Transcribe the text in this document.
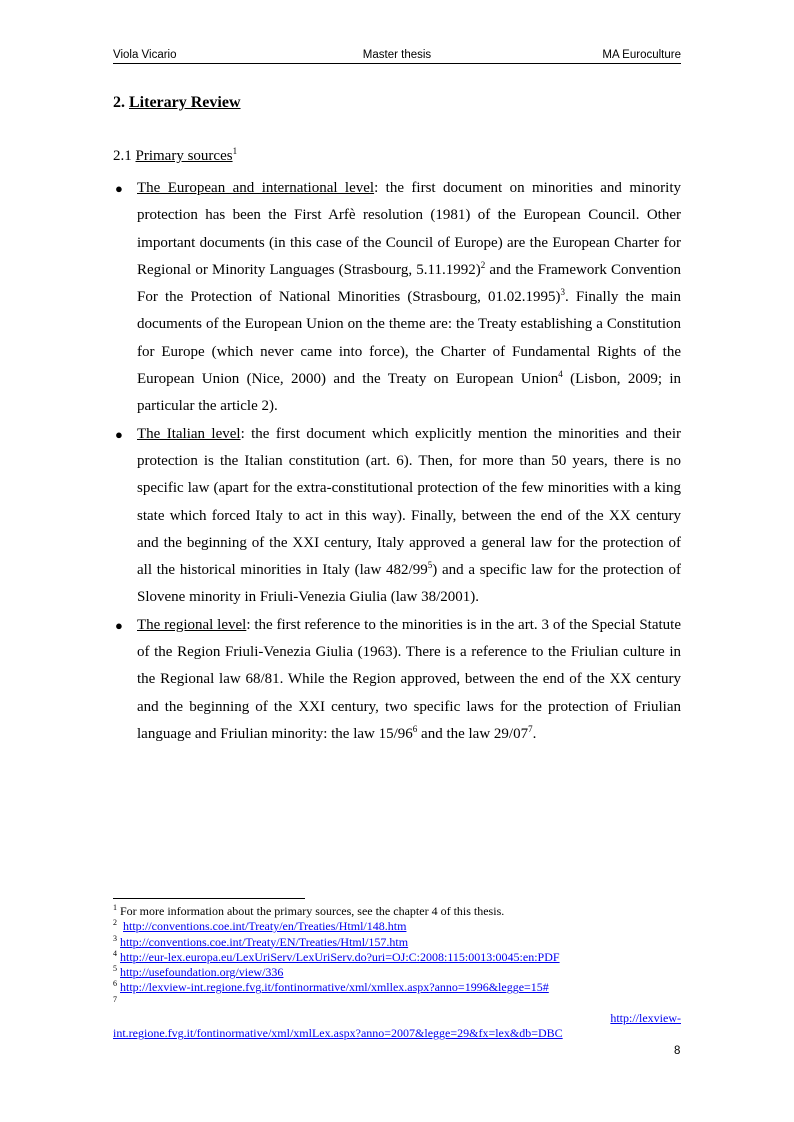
Viola Vicario	Master thesis	MA Euroculture
2. Literary Review
2.1 Primary sources$^1$
● The European and international level: the first document on minorities and minority protection has been the First Arfè resolution (1981) of the European Council. Other important documents (in this case of the Council of Europe) are the European Charter for Regional or Minority Languages (Strasbourg, 5.11.1992)$^2$ and the Framework Convention For the Protection of National Minorities (Strasbourg, 01.02.1995)$^3$. Finally the main documents of the European Union on the theme are: the Treaty establishing a Constitution for Europe (which never came into force), the Charter of Fundamental Rights of the European Union (Nice, 2000) and the Treaty on European Union$^4$ (Lisbon, 2009; in particular the article 2).
● The Italian level: the first document which explicitly mention the minorities and their protection is the Italian constitution (art. 6). Then, for more than 50 years, there is no specific law (apart for the extra-constitutional protection of the few minorities with a king state which forced Italy to act in this way). Finally, between the end of the XX century and the beginning of the XXI century, Italy approved a general law for the protection of all the historical minorities in Italy (law $482/99^5$) and a specific law for the protection of Slovene minority in Friuli-Venezia Giulia (law 38/2001).
● The regional level: the first reference to the minorities is in the art. 3 of the Special Statute of the Region Friuli-Venezia Giulia (1963). There is a reference to the Friulian culture in the Regional law 68/81. While the Region approved, between the end of the XX century and the beginning of the XXI century, two specific laws for the protection of Friulian language and Friulian minority: the law $15/96^6$ and the law $29/07^7$.
$^1$ For more information about the primary sources, see the chapter 4 of this thesis.
$^2$ http://conventions.coe.int/Treaty/en/Treaties/Html/148.htm
$^3$ http://conventions.coe.int/Treaty/EN/Treaties/Html/157.htm
$^4$ http://eur-lex.europa.eu/LexUriServ/LexUriServ.do?uri=OJ:C:2008:115:0013:0045:en:PDF
$^5$ http://usefoundation.org/view/336
$^6$ http://lexview-int.regione.fvg.it/fontinormative/xml/xmllex.aspx?anno=1996&legge=15#
$^7$
http://lexview-
int.regione.fvg.it/fontinormative/xml/xmlLex.aspx?anno=2007&legge=29&fx=lex&db=DBC
8
